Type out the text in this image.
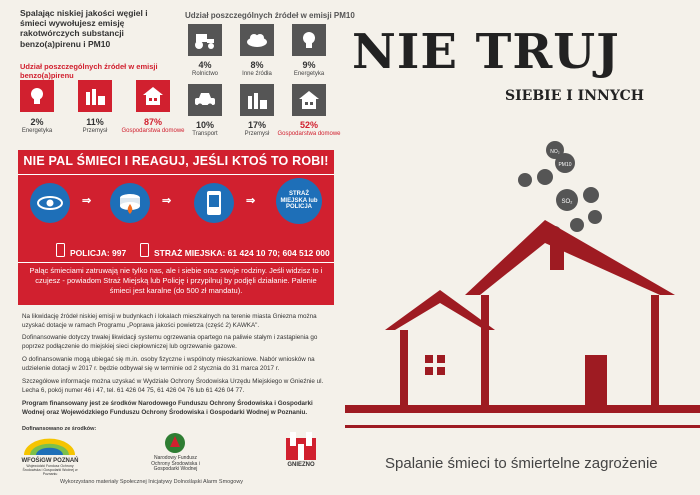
Spalając niskiej jakości węgiel i śmieci wywołujesz emisję rakotwórczych substancji benzo(a)pirenu i PM10
Udział poszczególnych źródeł w emisji benzo(a)pirenu
2%
Energetyka
11%
Przemysł
87%
Gospodarstwa domowe
Udział poszczególnych źródeł w emisji PM10
4%
Rolnictwo
8%
Inne źródła
9%
Energetyka
10%
Transport
17%
Przemysł
52%
Gospodarstwa domowe
NIE PAL ŚMIECI I REAGUJ, JEŚLI KTOŚ TO ROBI!
⇒	⇒	⇒
STRAŻ MIEJSKA lub POLICJA
POLICJA: 997	STRAŻ MIEJSKA: 61 424 10 70; 604 512 000
Paląc śmieciami zatruwają nie tylko nas, ale i siebie oraz swoje rodziny. Jeśli widzisz to i czujesz - powiadom Straż Miejską lub Policję i przypilnuj by podjęli działanie. Palenie śmieci jest karalne (do 500 zł mandatu).
Na likwidację źródeł niskiej emisji w budynkach i lokalach mieszkalnych na terenie miasta Gniezna można uzyskać dotacje w ramach Programu „Poprawa jakości powietrza (część 2) KAWKA".
Dofinansowanie dotyczy trwałej likwidacji systemu ogrzewania opartego na paliwie stałym i zastąpienia go poprzez podłączenie do miejskiej sieci ciepłowniczej lub ogrzewanie gazowe.
O dofinansowanie mogą ubiegać się m.in. osoby fizyczne i wspólnoty mieszkaniowe. Nabór wniosków na udzielenie dotacji w 2017 r. będzie odbywał się w terminie od 2 stycznia do 31 marca 2017 r.
Szczegółowe informacje można uzyskać w Wydziale Ochrony Środowiska Urzędu Miejskiego w Gnieźnie ul. Lecha 6, pokój numer 46 i 47, tel. 61 426 04 75, 61 426 04 76 lub 61 426 04 77.
Program finansowany jest ze środków Narodowego Funduszu Ochrony Środowiska i Gospodarki Wodnej oraz Wojewódzkiego Funduszu Ochrony Środowiska i Gospodarki Wodnej w Poznaniu.
Dofinansowano ze środków:
WFOŚiGW POZNAŃ
Wojewódzki Fundusz Ochrony Środowiska i Gospodarki Wodnej w Poznaniu
Narodowy Fundusz Ochrony Środowiska i Gospodarki Wodnej
GNIEZNO
Wykorzystano materiały Społecznej Inicjatywy Dolnośląski Alarm Smogowy
NIE TRUJ
SIEBIE I INNYCH
NO₂
PM10
SO₂
Spalanie śmieci to śmiertelne zagrożenie
